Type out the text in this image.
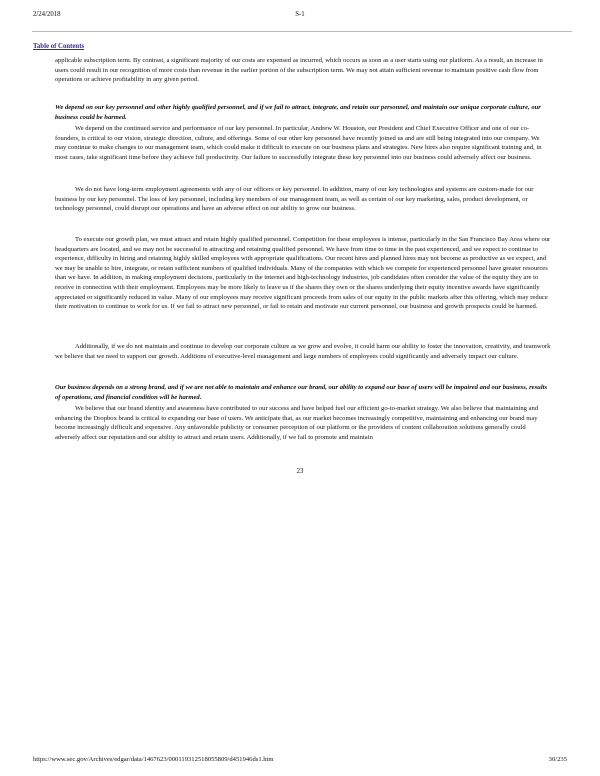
2/24/2018	S-1
Table of Contents

applicable subscription term. By contrast, a significant majority of our costs are expensed as incurred, which occurs as soon as a user starts using our platform. As a result, an increase in users could result in our recognition of more costs than revenue in the earlier portion of the subscription term. We may not attain sufficient revenue to maintain positive cash flow from operations or achieve profitability in any given period.

We depend on our key personnel and other highly qualified personnel, and if we fail to attract, integrate, and retain our personnel, and maintain our unique corporate culture, our business could be harmed.

We depend on the continued service and performance of our key personnel. In particular, Andrew W. Houston, our President and Chief Executive Officer and one of our co-founders, is critical to our vision, strategic direction, culture, and offerings. Some of our other key personnel have recently joined us and are still being integrated into our company. We may continue to make changes to our management team, which could make it difficult to execute on our business plans and strategies. New hires also require significant training and, in most cases, take significant time before they achieve full productivity. Our failure to successfully integrate these key personnel into our business could adversely affect our business.

We do not have long-term employment agreements with any of our officers or key personnel. In addition, many of our key technologies and systems are custom-made for our business by our key personnel. The loss of key personnel, including key members of our management team, as well as certain of our key marketing, sales, product development, or technology personnel, could disrupt our operations and have an adverse effect on our ability to grow our business.

To execute our growth plan, we must attract and retain highly qualified personnel. Competition for these employees is intense, particularly in the San Francisco Bay Area where our headquarters are located, and we may not be successful in attracting and retaining qualified personnel. We have from time to time in the past experienced, and we expect to continue to experience, difficulty in hiring and retaining highly skilled employees with appropriate qualifications. Our recent hires and planned hires may not become as productive as we expect, and we may be unable to hire, integrate, or retain sufficient numbers of qualified individuals. Many of the companies with which we compete for experienced personnel have greater resources than we have. In addition, in making employment decisions, particularly in the internet and high-technology industries, job candidates often consider the value of the equity they are to receive in connection with their employment. Employees may be more likely to leave us if the shares they own or the shares underlying their equity incentive awards have significantly appreciated or significantly reduced in value. Many of our employees may receive significant proceeds from sales of our equity in the public markets after this offering, which may reduce their motivation to continue to work for us. If we fail to attract new personnel, or fail to retain and motivate our current personnel, our business and growth prospects could be harmed.

Additionally, if we do not maintain and continue to develop our corporate culture as we grow and evolve, it could harm our ability to foster the innovation, creativity, and teamwork we believe that we need to support our growth. Additions of executive-level management and large numbers of employees could significantly and adversely impact our culture.

Our business depends on a strong brand, and if we are not able to maintain and enhance our brand, our ability to expand our base of users will be impaired and our business, results of operations, and financial condition will be harmed.

We believe that our brand identity and awareness have contributed to our success and have helped fuel our efficient go-to-market strategy. We also believe that maintaining and enhancing the Dropbox brand is critical to expanding our base of users. We anticipate that, as our market becomes increasingly competitive, maintaining and enhancing our brand may become increasingly difficult and expensive. Any unfavorable publicity or consumer perception of our platform or the providers of content collaboration solutions generally could adversely affect our reputation and our ability to attract and retain users. Additionally, if we fail to promote and maintain

23
https://www.sec.gov/Archives/edgar/data/1467623/000119312518055809/d451946ds1.htm	30/235
